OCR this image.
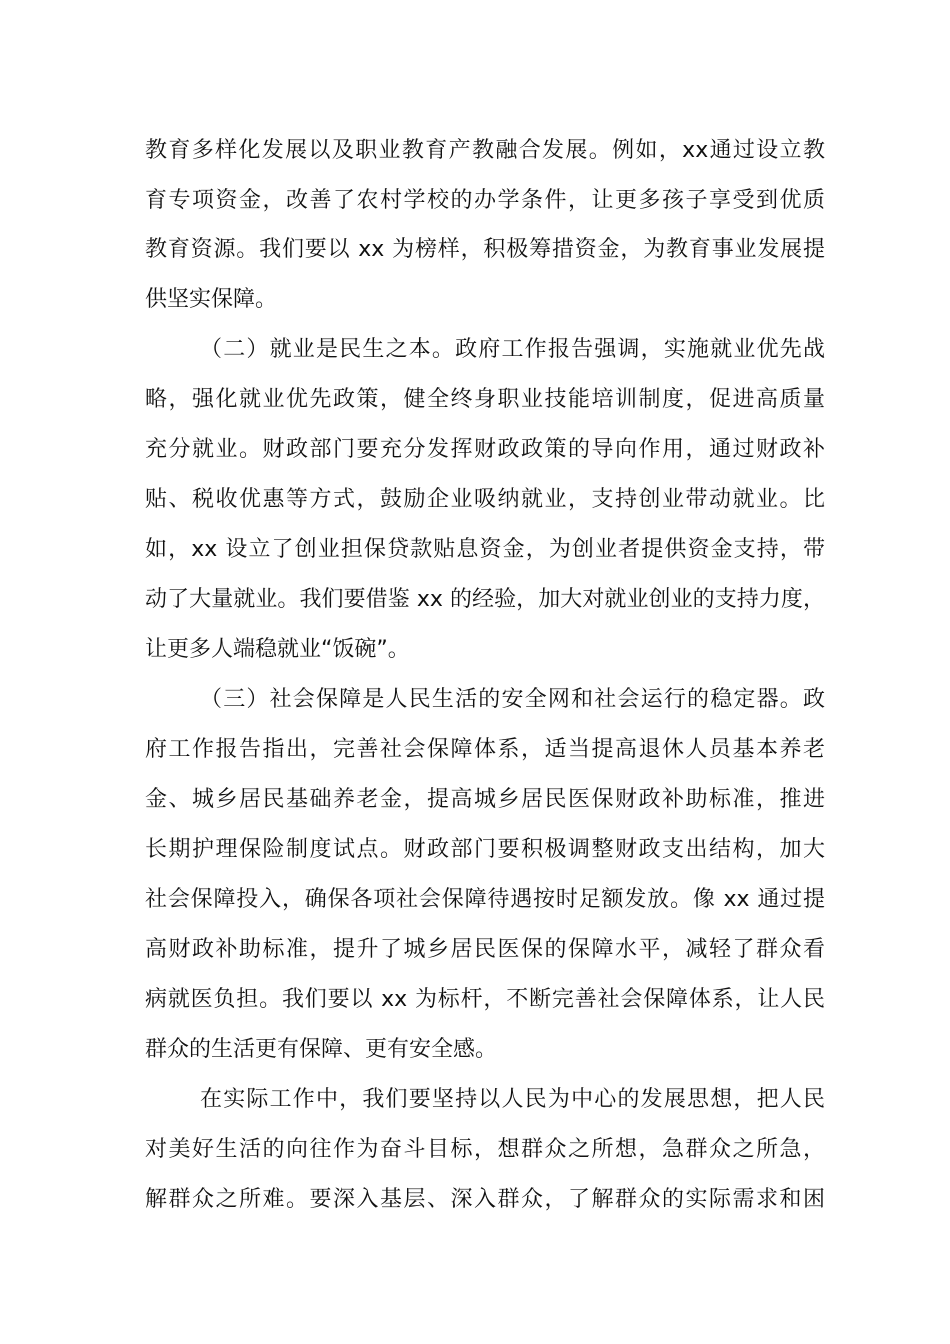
教育多样化发展以及职业教育产教融合发展。例如，xx通过设立教
育专项资金，改善了农村学校的办学条件，让更多孩子享受到优质
教育资源。我们要以 xx 为榜样，积极筹措资金，为教育事业发展提
供坚实保障。
（二）就业是民生之本。政府工作报告强调，实施就业优先战
略，强化就业优先政策，健全终身职业技能培训制度，促进高质量
充分就业。财政部门要充分发挥财政政策的导向作用，通过财政补
贴、税收优惠等方式，鼓励企业吸纳就业，支持创业带动就业。比
如，xx 设立了创业担保贷款贴息资金，为创业者提供资金支持，带
动了大量就业。我们要借鉴 xx 的经验，加大对就业创业的支持力度，
让更多人端稳就业“饭碗”。
（三）社会保障是人民生活的安全网和社会运行的稳定器。政
府工作报告指出，完善社会保障体系，适当提高退休人员基本养老
金、城乡居民基础养老金，提高城乡居民医保财政补助标准，推进
长期护理保险制度试点。财政部门要积极调整财政支出结构，加大
社会保障投入，确保各项社会保障待遇按时足额发放。像 xx 通过提
高财政补助标准，提升了城乡居民医保的保障水平，减轻了群众看
病就医负担。我们要以 xx 为标杆，不断完善社会保障体系，让人民
群众的生活更有保障、更有安全感。
在实际工作中，我们要坚持以人民为中心的发展思想，把人民
对美好生活的向往作为奋斗目标，想群众之所想，急群众之所急，
解群众之所难。要深入基层、深入群众，了解群众的实际需求和困
